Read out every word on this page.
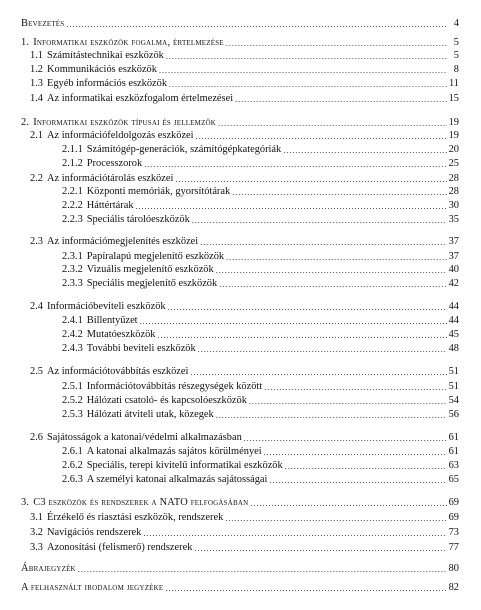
Bevezetés .....	4
1. Informatikai eszközök fogalma, értelmezése .....	5
1.1 Számítástechnikai eszközök .....	5
1.2 Kommunikációs eszközök .....	8
1.3 Egyéb információs eszközök .....	11
1.4 Az informatikai eszközfogalom értelmezései .....	15
2. Informatikai eszközök típusai és jellemzők .....	19
2.1 Az információfeldolgozás eszközei .....	19
2.1.1 Számítógép-generációk, számítógépkategóriák .....	20
2.1.2 Processzorok .....	25
2.2 Az információtárolás eszközei .....	28
2.2.1 Központi memóriák, gyorsítótárak .....	28
2.2.2 Háttértárak .....	30
2.2.3 Speciális tárolóeszközök .....	35
2.3 Az információmegjelenítés eszközei .....	37
2.3.1 Papíralapú megjelenítő eszközök .....	37
2.3.2 Vizuális megjelenítő eszközök .....	40
2.3.3 Speciális megjelenítő eszközök .....	42
2.4 Információbeviteli eszközök .....	44
2.4.1 Billentyűzet .....	44
2.4.2 Mutatóeszközök .....	45
2.4.3 További beviteli eszközök .....	48
2.5 Az információtovábbítás eszközei .....	51
2.5.1 Információtovábbítás részegységek között .....	51
2.5.2 Hálózati csatoló- és kapcsolóeszközök .....	54
2.5.3 Hálózati átviteli utak, közegek .....	56
2.6 Sajátosságok a katonai/védelmi alkalmazásban .....	61
2.6.1 A katonai alkalmazás sajátos körülményei .....	61
2.6.2 Speciális, terepi kivitelű informatikai eszközök .....	63
2.6.3 A személyi katonai alkalmazás sajátosságai .....	65
3. C3 eszközök és rendszerek a NATO felfogásában .....	69
3.1 Érzékelő és riasztási eszközök, rendszerek .....	69
3.2 Navigációs rendszerek .....	73
3.3 Azonosítási (felismerő) rendszerek .....	77
Ábrajegyzék .....	80
A felhasznált irodalom jegyzéke .....	82
